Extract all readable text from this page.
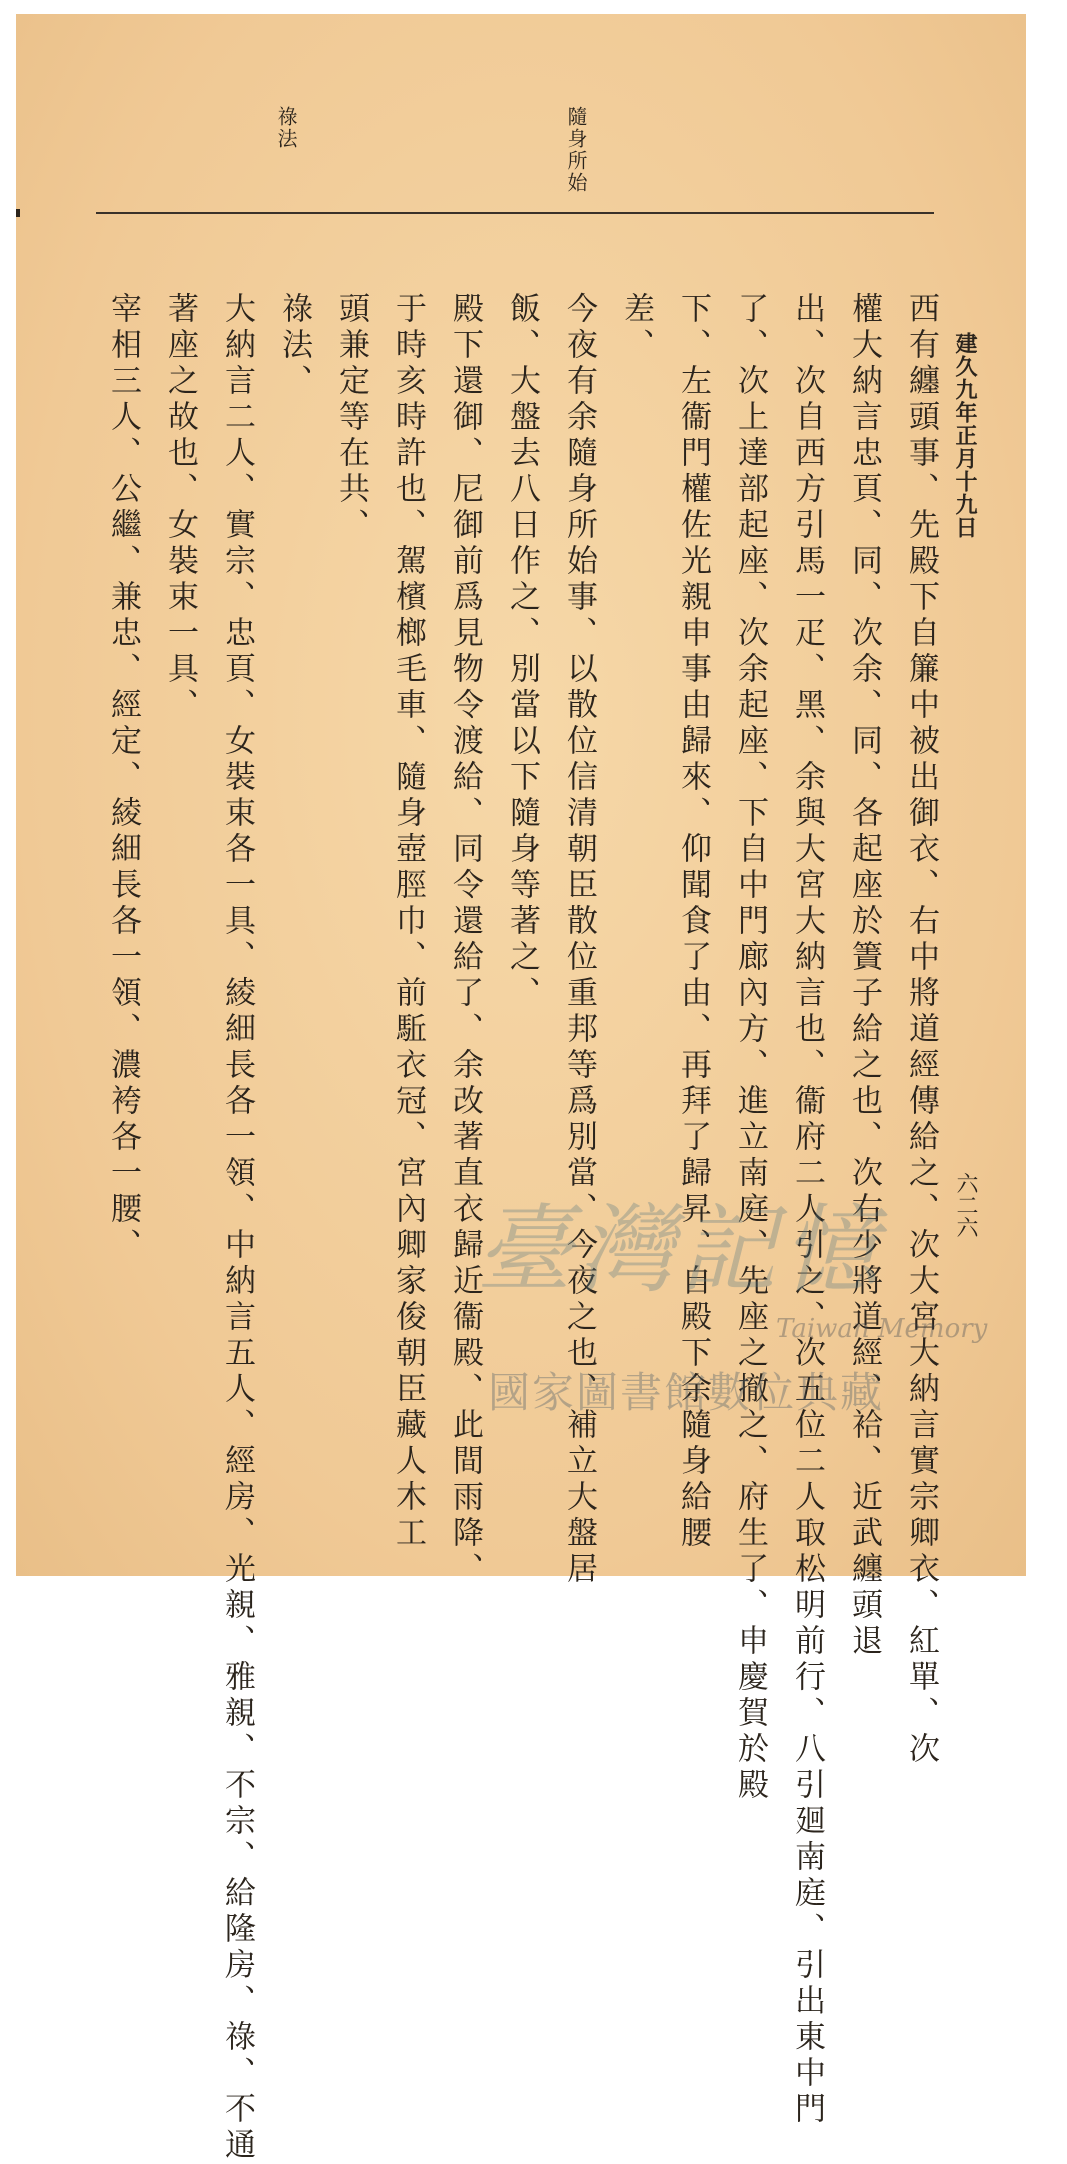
祿法	隨身所始
建久九年正月十九日
六二六
西有纏頭事、先殿下自簾中被出御衣、右中將道經傳給之、次大宮大納言實宗卿衣、紅單、次
權大納言忠頁、同、次余、同、各起座於簀子給之也、次右少將道經、袷、近武纏頭退
出、次自西方引馬一疋、黑、余與大宮大納言也、衞府二人引之、次五位二人取松明前行、八引廻南庭、引出東中門
了、次上達部起座、次余起座、下自中門廊內方、進立南庭、先座之撤之、府生了、申慶賀於殿
下、左衞門權佐光親申事由歸來、仰聞食了由、再拜了歸昇、自殿下余隨身給腰
差、
今夜有余隨身所始事、以散位信清朝臣散位重邦等爲別當、今夜之也、補立大盤居
飯、大盤去八日作之、別當以下隨身等著之、
殿下還御、尼御前爲見物令渡給、同令還給了、余改著直衣歸近衞殿、此間雨降、
于時亥時許也、駕檳榔毛車、隨身壺脛巾、前駈衣冠、宮內卿家俊朝臣藏人木工
頭兼定等在共、
祿法、
大納言二人、實宗、忠頁、女裝束各一具、綾細長各一領、中納言五人、經房、光親、雅親、不宗、給隆房、祿、不通
著座之故也、女裝束一具、
宰相三人、公繼、兼忠、經定、綾細長各一領、濃袴各一腰、	臺灣記憶
Taiwan Memory
國家圖書館數位典藏
